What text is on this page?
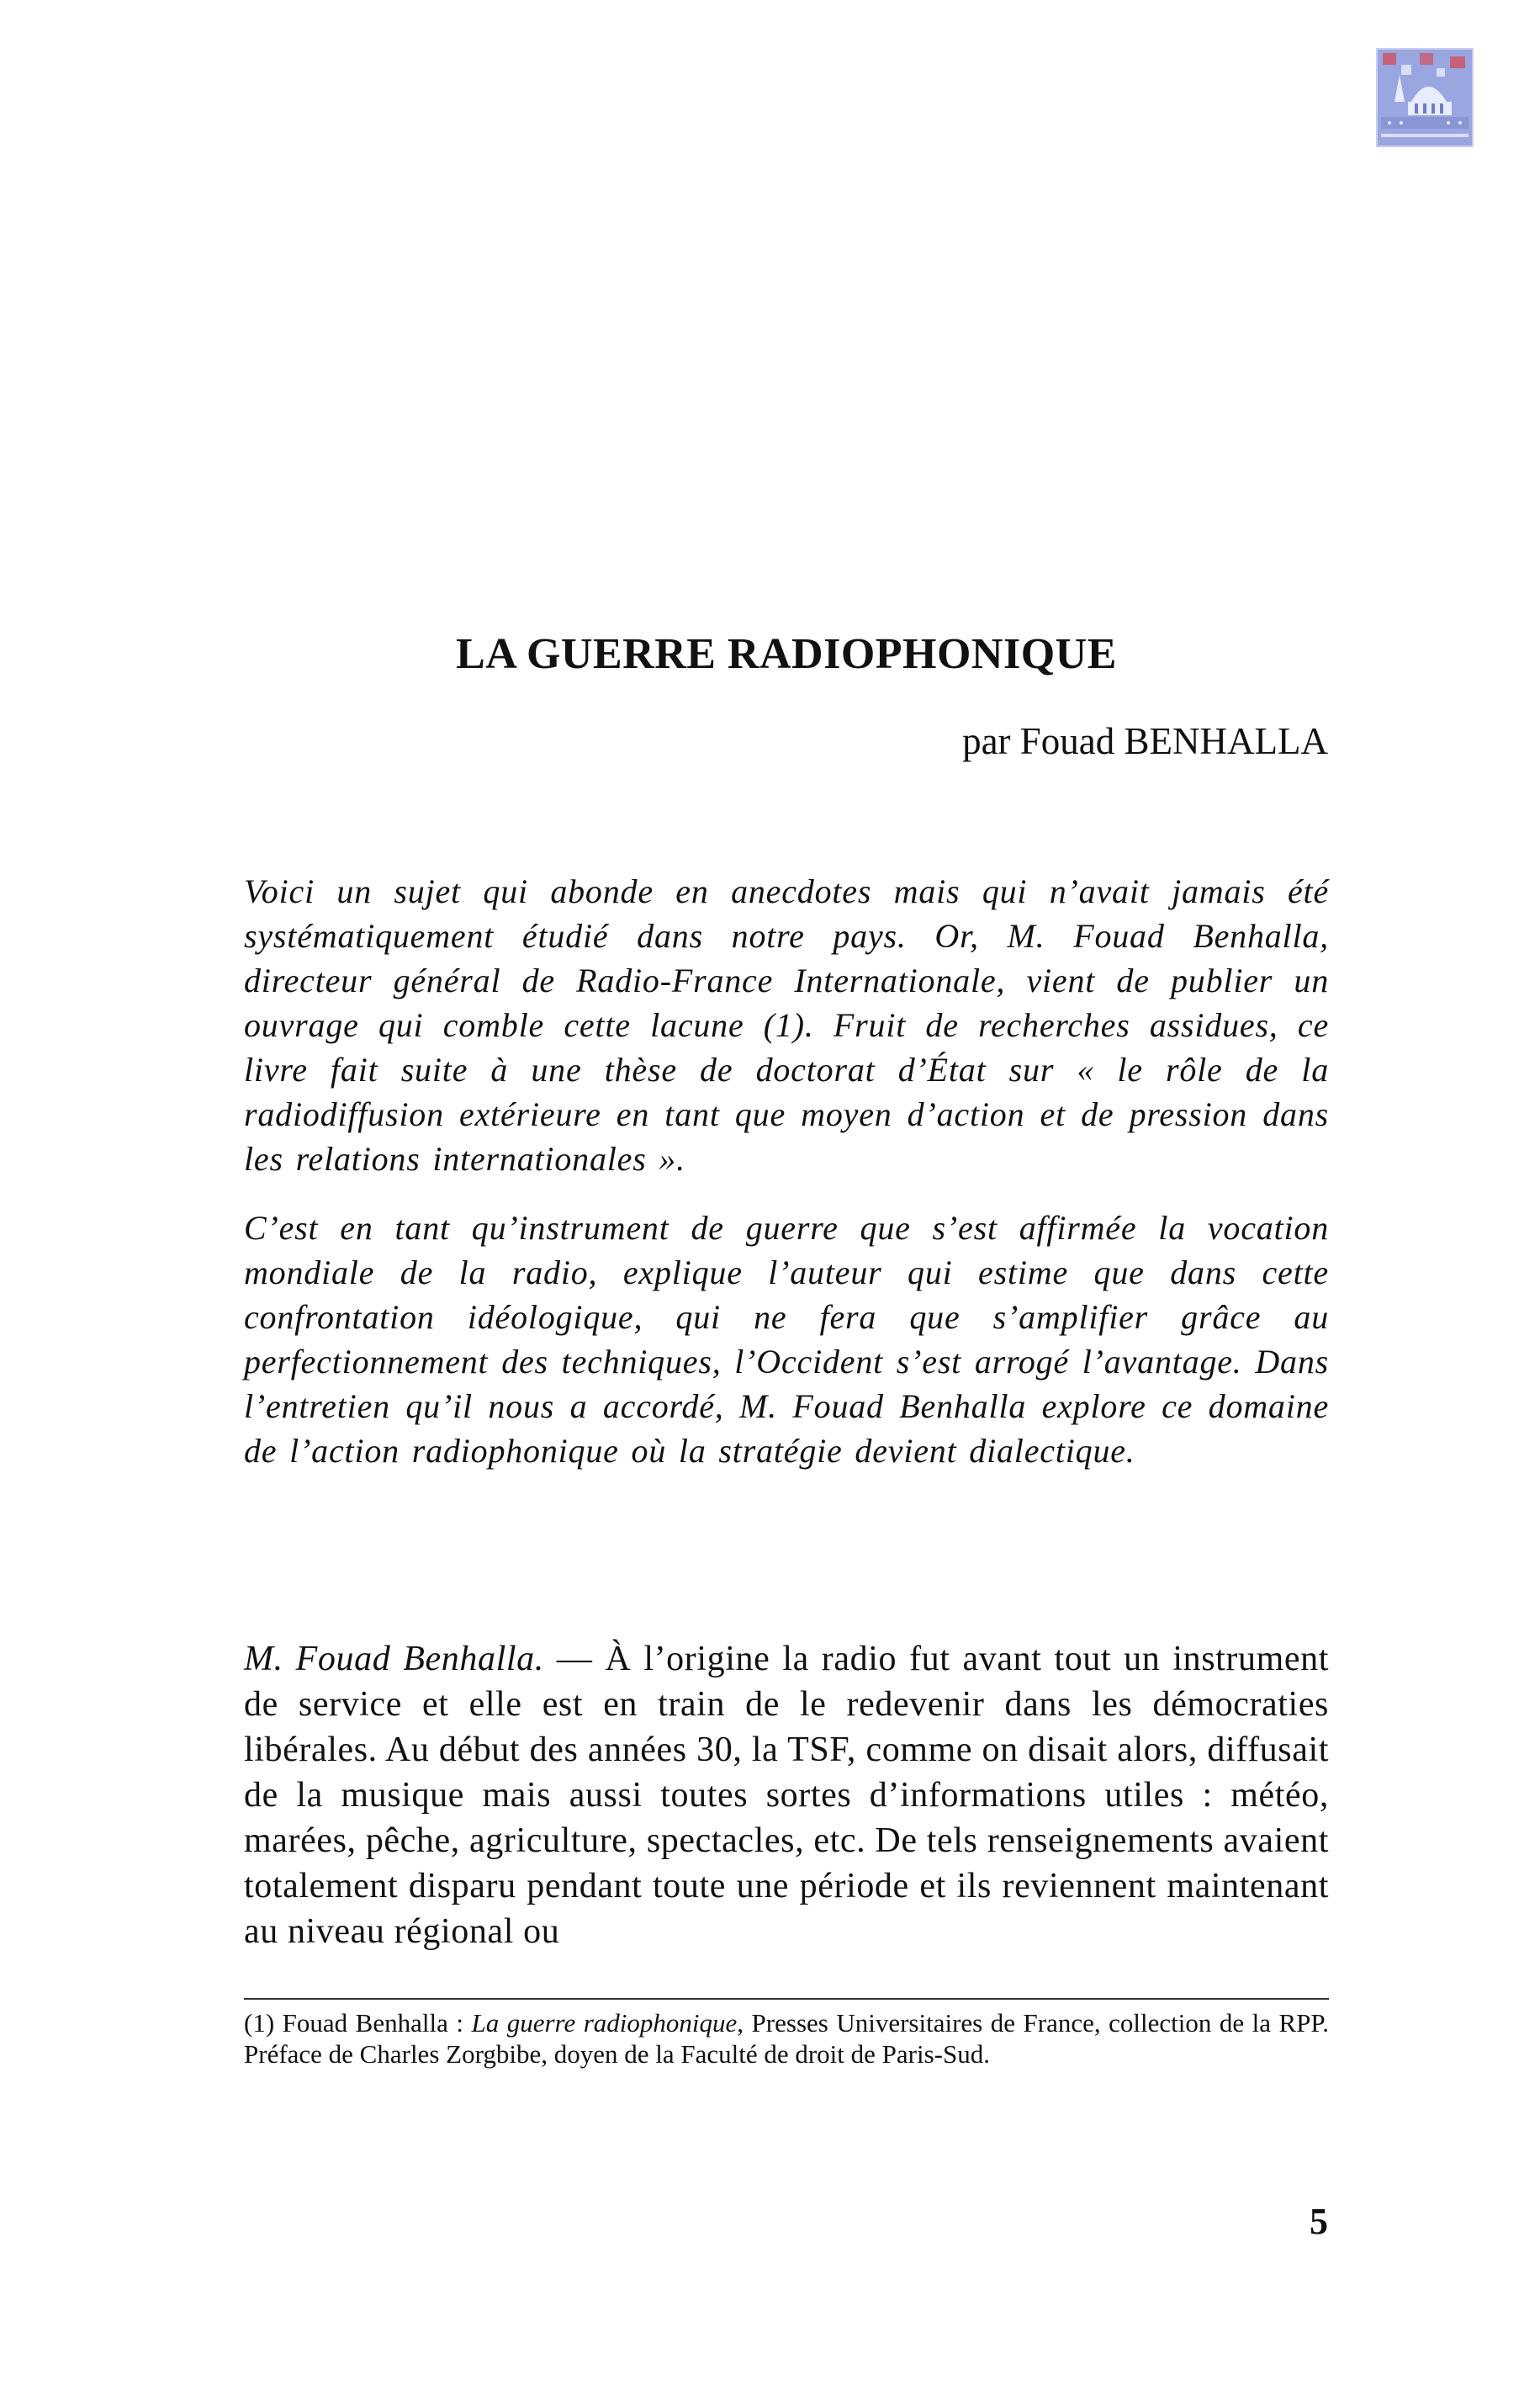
LA GUERRE RADIOPHONIQUE

par Fouad BENHALLA

Voici un sujet qui abonde en anecdotes mais qui n’avait jamais été systématiquement étudié dans notre pays. Or, M. Fouad Benhalla, directeur général de Radio-France Internationale, vient de publier un ouvrage qui comble cette lacune (1). Fruit de recherches assidues, ce livre fait suite à une thèse de doctorat d’État sur « le rôle de la radiodiffusion extérieure en tant que moyen d’action et de pression dans les relations internationales ».

C’est en tant qu’instrument de guerre que s’est affirmée la vocation mondiale de la radio, explique l’auteur qui estime que dans cette confrontation idéologique, qui ne fera que s’amplifier grâce au perfectionnement des techniques, l’Occident s’est arrogé l’avantage. Dans l’entretien qu’il nous a accordé, M. Fouad Benhalla explore ce domaine de l’action radiophonique où la stratégie devient dialectique.

M. Fouad Benhalla. — À l’origine la radio fut avant tout un instrument de service et elle est en train de le redevenir dans les démocraties libérales. Au début des années 30, la TSF, comme on disait alors, diffusait de la musique mais aussi toutes sortes d’informations utiles : météo, marées, pêche, agriculture, spectacles, etc. De tels renseignements avaient totalement disparu pendant toute une période et ils reviennent maintenant au niveau régional ou

(1) Fouad Benhalla : La guerre radiophonique, Presses Universitaires de France, collection de la RPP. Préface de Charles Zorgbibe, doyen de la Faculté de droit de Paris-Sud.

5
